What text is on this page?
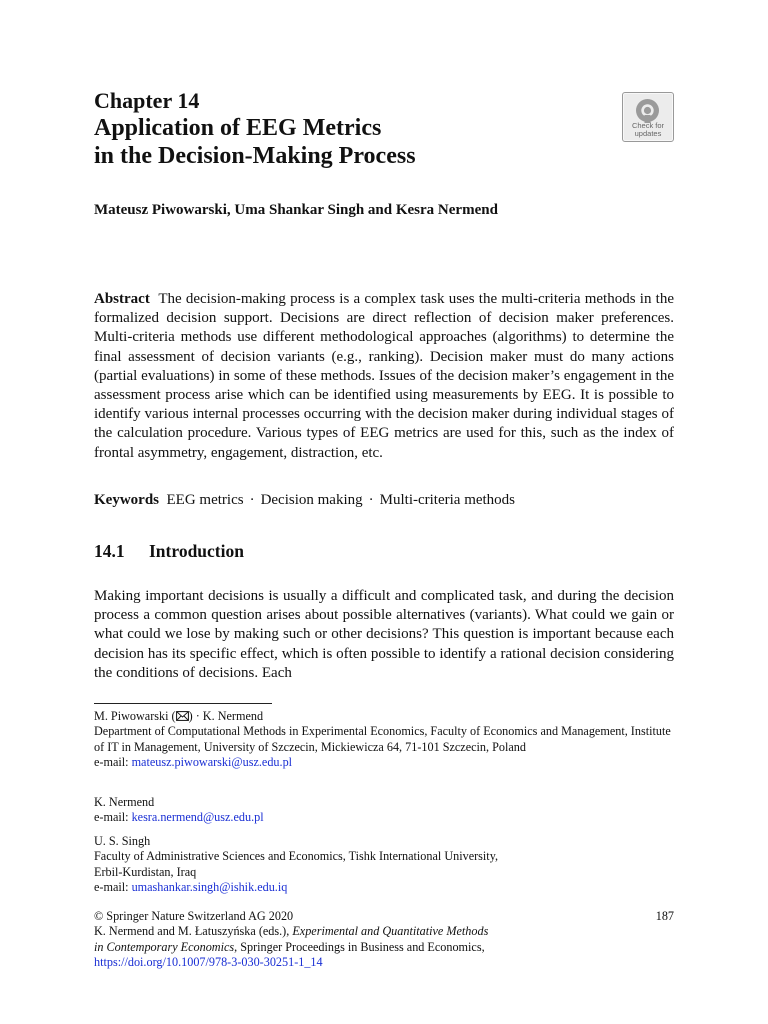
Chapter 14
Application of EEG Metrics
in the Decision-Making Process
Check for
updates
Mateusz Piwowarski, Uma Shankar Singh and Kesra Nermend
Abstract The decision-making process is a complex task uses the multi-criteria methods in the formalized decision support. Decisions are direct reflection of decision maker preferences. Multi-criteria methods use different methodological approaches (algorithms) to determine the final assessment of decision variants (e.g., ranking). Decision maker must do many actions (partial evaluations) in some of these methods. Issues of the decision maker’s engagement in the assessment process arise which can be identified using measurements by EEG. It is possible to identify various internal processes occurring with the decision maker during individual stages of the calculation procedure. Various types of EEG metrics are used for this, such as the index of frontal asymmetry, engagement, distraction, etc.
Keywords EEG metrics · Decision making · Multi-criteria methods
14.1 Introduction
Making important decisions is usually a difficult and complicated task, and during the decision process a common question arises about possible alternatives (variants). What could we gain or what could we lose by making such or other decisions? This question is important because each decision has its specific effect, which is often possible to identify a rational decision considering the conditions of decisions. Each
M. Piwowarski ( ) · K. Nermend
Department of Computational Methods in Experimental Economics, Faculty of Economics and Management, Institute of IT in Management, University of Szczecin, Mickiewicza 64, 71-101 Szczecin, Poland
e-mail: mateusz.piwowarski@usz.edu.pl
K. Nermend
e-mail: kesra.nermend@usz.edu.pl
U. S. Singh
Faculty of Administrative Sciences and Economics, Tishk International University,
Erbil-Kurdistan, Iraq
e-mail: umashankar.singh@ishik.edu.iq
© Springer Nature Switzerland AG 2020
K. Nermend and M. Łatuszyńska (eds.), Experimental and Quantitative Methods
in Contemporary Economics, Springer Proceedings in Business and Economics,
https://doi.org/10.1007/978-3-030-30251-1_14
187
